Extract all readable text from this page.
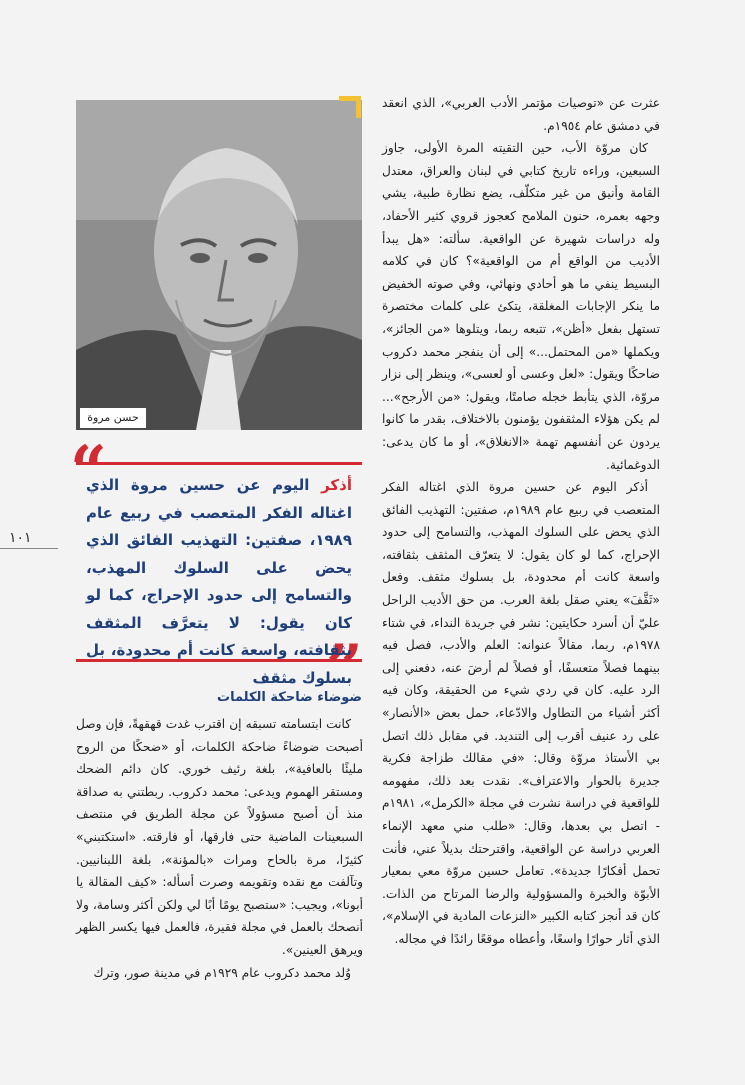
حسن مروة

عثرت عن «توصيات مؤتمر الأدب العربي»، الذي انعقد في دمشق عام ١٩٥٤م.

كان مروّة الأب، حين التقيته المرة الأولى، جاوز السبعين، وراءه تاريخ كتابي في لبنان والعراق، معتدل القامة وأنيق من غير متكلّف، يضع نظارة طبية، يشي وجهه بعمره، حنون الملامح كعجوز قروي كثير الأحفاد، وله دراسات شهيرة عن الواقعية. سألته: «هل يبدأ الأديب من الواقع أم من الواقعية»؟ كان في كلامه البسيط ينفي ما هو أحادي ونهائي، وفي صوته الخفيض ما ينكر الإجابات المغلقة، يتكئ على كلمات مختصرة تستهل بفعل «أظن»، تتبعه ربما، ويتلوها «من الجائز»، ويكملها «من المحتمل...» إلى أن ينفجر محمد دكروب ضاحكًا ويقول: «لعل وعسى أو لعسى»، وينظر إلى نزار مروّة، الذي يتأبط خجله صامتًا، ويقول: «من الأرجح»... لم يكن هؤلاء المثقفون يؤمنون بالاختلاف، بقدر ما كانوا يردون عن أنفسهم تهمة «الانغلاق»، أو ما كان يدعى: الدوغمائية.

أذكر اليوم عن حسين مروة الذي اغتاله الفكر المتعصب في ربيع عام ١٩٨٩م، صفتين: التهذيب الفائق الذي يحض على السلوك المهذب، والتسامح إلى حدود الإحراج، كما لو كان يقول: لا يتعرّف المثقف بثقافته، واسعة كانت أم محدودة، بل بسلوك مثقف. وفعل «ثَقَّفَ» يعني صقل بلغة العرب. من حق الأديب الراحل عليّ أن أسرد حكايتين: نشر في جريدة النداء، في شتاء ١٩٧٨م، ربما، مقالاً عنوانه: العلم والأدب، فصل فيه بينهما فصلاً متعسفًا، أو فصلاً لم أرضَ عنه، دفعني إلى الرد عليه. كان في ردي شيء من الحقيقة، وكان فيه أكثر أشياء من التطاول والادّعاء، حمل بعض «الأنصار» على رد عنيف أقرب إلى التنديد. في مقابل ذلك اتصل بي الأستاذ مروّة وقال: «في مقالك طزاجة فكرية جديرة بالحوار والاعتراف». نقدت بعد ذلك، مفهومه للواقعية في دراسة نشرت في مجلة «الكرمل»، ١٩٨١م - اتصل بي بعدها، وقال: «طلب مني معهد الإنماء العربي دراسة عن الواقعية، واقترحتك بديلاً عني، فأنت تحمل أفكارًا جديدة». تعامل حسين مروّة معي بمعيار الأبوّة والخبرة والمسؤولية والرضا المرتاح من الذات. كان قد أنجز كتابه الكبير «النزعات المادية في الإسلام»، الذي أثار حوارًا واسعًا، وأعطاه موقعًا رائدًا في مجاله.

“
”
أذكر اليوم عن حسين مروة الذي اغتاله الفكر المتعصب في ربيع عام ١٩٨٩، صفتين: التهذيب الفائق الذي يحض على السلوك المهذب، والتسامح إلى حدود الإحراج، كما لو كان يقول: لا يتعرَّف المثقف بثقافته، واسعة كانت أم محدودة، بل بسلوك مثقف
ضوضاء ضاحكة الكلمات

كانت ابتسامته تسبقه إن اقترب غدت قهقهةً، فإن وصل أصبحت ضوضاءً ضاحكة الكلمات، أو «ضحكًا من الروح مليئًا بالعافية»، بلغة رئيف خوري. كان دائم الضحك ومستقر الهموم ويدعى: محمد دكروب. ربطتني به صداقة منذ أن أصبح مسؤولاً عن مجلة الطريق في منتصف السبعينات الماضية حتى فارقها، أو فارقته. «استكتبني» كثيرًا، مرة بالحاح ومرات «بالمؤنة»، بلغة اللبنانيين. وتآلفت مع نقده وتقويمه وصرت أسأله: «كيف المقالة يا أبونا»، ويجيب: «ستصبح يومًا أبًا لي ولكن أكثر وسامة، ولا أنصحك بالعمل في مجلة فقيرة، فالعمل فيها يكسر الظهر ويرهق العينين».

وُلد محمد دكروب عام ١٩٢٩م في مدينة صور، وترك

١٠١
